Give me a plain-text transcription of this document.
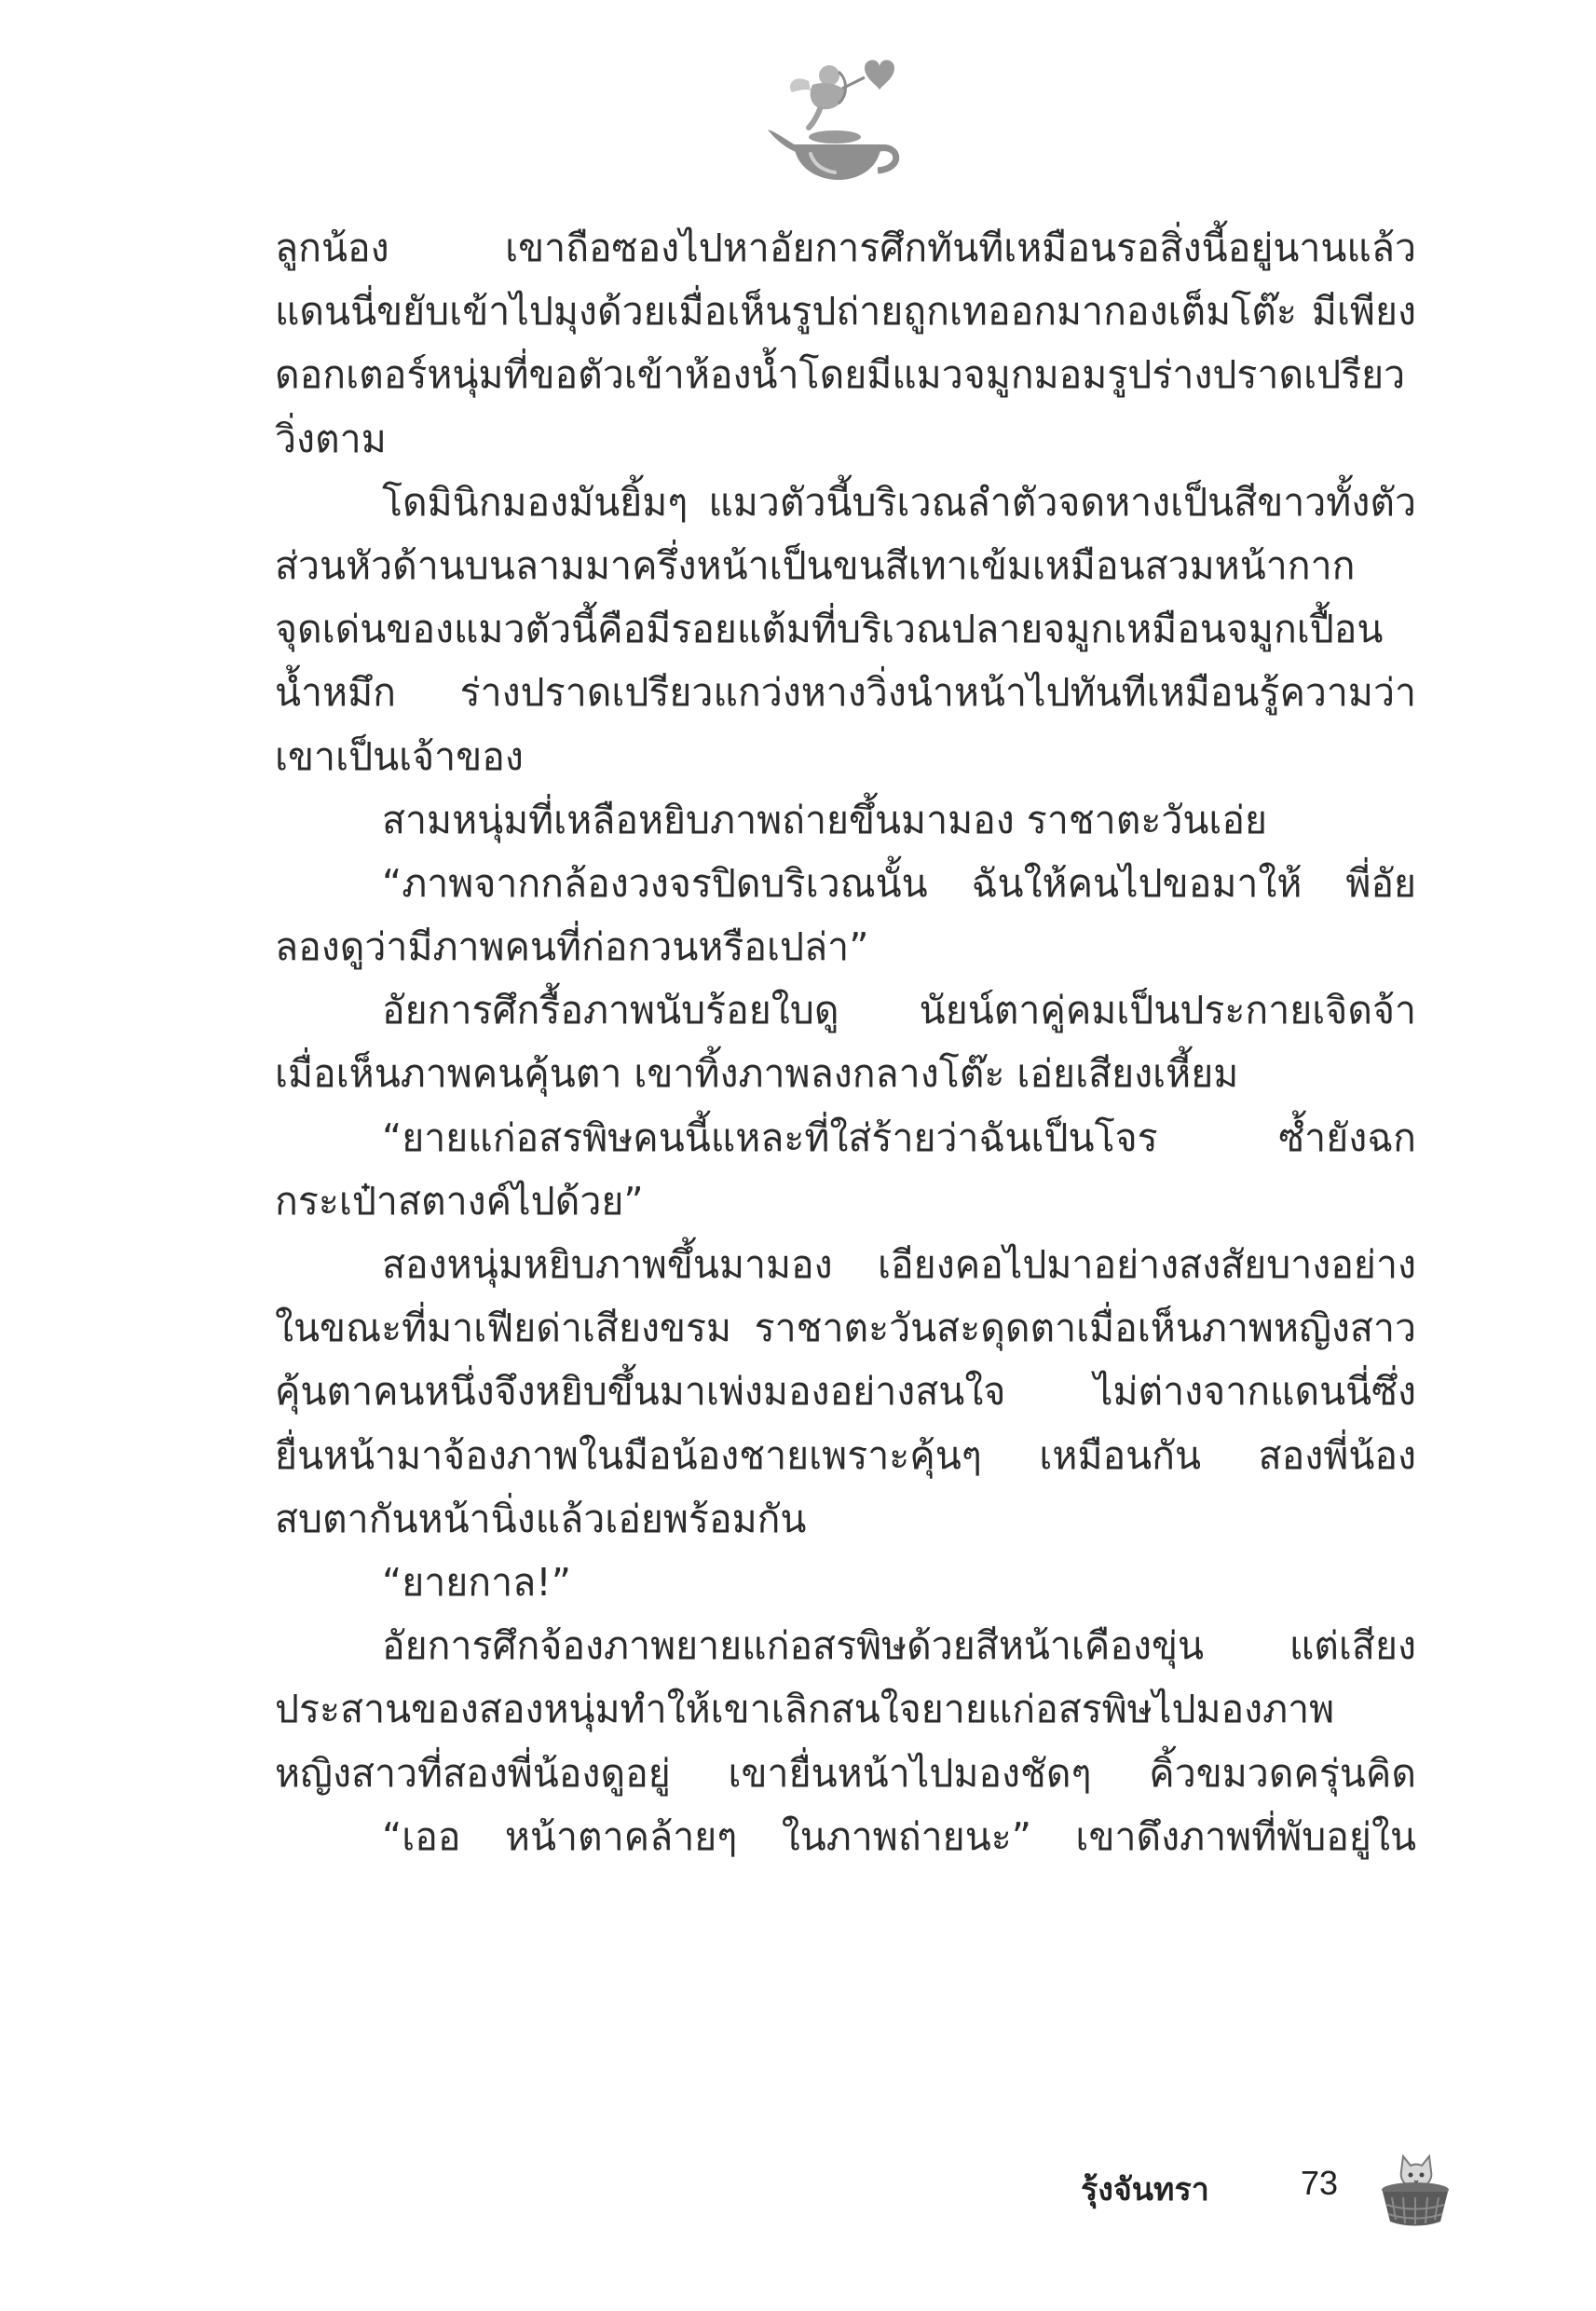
ลูกน้อง เขาถือซองไปหาอัยการศึกทันทีเหมือนรอสิ่งนี้อยู่นานแล้ว
แดนนี่ขยับเข้าไปมุงด้วยเมื่อเห็นรูปถ่ายถูกเทออกมากองเต็มโต๊ะ มีเพียง
ดอกเตอร์หนุ่มที่ขอตัวเข้าห้องน้ำโดยมีแมวจมูกมอมรูปร่างปราดเปรียว
วิ่งตาม
โดมินิกมองมันยิ้มๆ แมวตัวนี้บริเวณลำตัวจดหางเป็นสีขาวทั้งตัว
ส่วนหัวด้านบนลามมาครึ่งหน้าเป็นขนสีเทาเข้มเหมือนสวมหน้ากาก
จุดเด่นของแมวตัวนี้คือมีรอยแต้มที่บริเวณปลายจมูกเหมือนจมูกเปื้อน
น้ำหมึก ร่างปราดเปรียวแกว่งหางวิ่งนำหน้าไปทันทีเหมือนรู้ความว่า
เขาเป็นเจ้าของ
สามหนุ่มที่เหลือหยิบภาพถ่ายขึ้นมามอง ราชาตะวันเอ่ย
“ภาพจากกล้องวงจรปิดบริเวณนั้น ฉันให้คนไปขอมาให้ พี่อัย
ลองดูว่ามีภาพคนที่ก่อกวนหรือเปล่า”
อัยการศึกรื้อภาพนับร้อยใบดู นัยน์ตาคู่คมเป็นประกายเจิดจ้า
เมื่อเห็นภาพคนคุ้นตา เขาทิ้งภาพลงกลางโต๊ะ เอ่ยเสียงเหี้ยม
“ยายแก่อสรพิษคนนี้แหละที่ใส่ร้ายว่าฉันเป็นโจร ซ้ำยังฉก
กระเป๋าสตางค์ไปด้วย”
สองหนุ่มหยิบภาพขึ้นมามอง เอียงคอไปมาอย่างสงสัยบางอย่าง
ในขณะที่มาเฟียด่าเสียงขรม ราชาตะวันสะดุดตาเมื่อเห็นภาพหญิงสาว
คุ้นตาคนหนึ่งจึงหยิบขึ้นมาเพ่งมองอย่างสนใจ ไม่ต่างจากแดนนี่ซึ่ง
ยื่นหน้ามาจ้องภาพในมือน้องชายเพราะคุ้นๆ เหมือนกัน สองพี่น้อง
สบตากันหน้านิ่งแล้วเอ่ยพร้อมกัน
“ยายกาล!”
อัยการศึกจ้องภาพยายแก่อสรพิษด้วยสีหน้าเคืองขุ่น แต่เสียง
ประสานของสองหนุ่มทำให้เขาเลิกสนใจยายแก่อสรพิษไปมองภาพ
หญิงสาวที่สองพี่น้องดูอยู่ เขายื่นหน้าไปมองชัดๆ คิ้วขมวดครุ่นคิด
“เออ หน้าตาคล้ายๆ ในภาพถ่ายนะ” เขาดึงภาพที่พับอยู่ใน
รุ้งจันทรา	73
